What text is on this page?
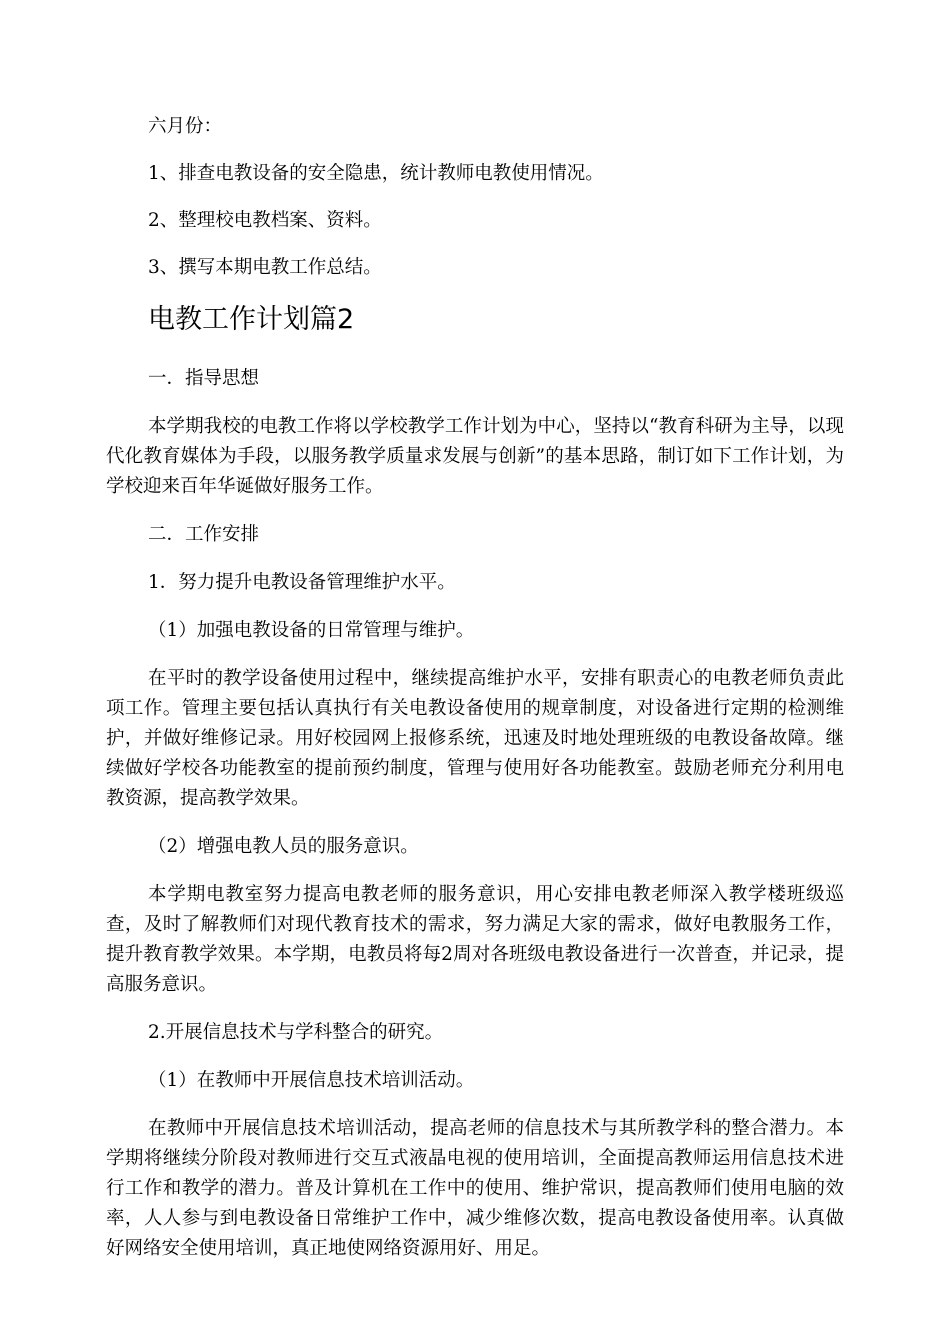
六月份：

1、排查电教设备的安全隐患，统计教师电教使用情况。

2、整理校电教档案、资料。

3、撰写本期电教工作总结。

电教工作计划篇2

一．指导思想

本学期我校的电教工作将以学校教学工作计划为中心，坚持以“教育科研为主导，以现代化教育媒体为手段，以服务教学质量求发展与创新”的基本思路，制订如下工作计划，为学校迎来百年华诞做好服务工作。

二．工作安排

1．努力提升电教设备管理维护水平。

（1）加强电教设备的日常管理与维护。

在平时的教学设备使用过程中，继续提高维护水平，安排有职责心的电教老师负责此项工作。管理主要包括认真执行有关电教设备使用的规章制度，对设备进行定期的检测维护，并做好维修记录。用好校园网上报修系统，迅速及时地处理班级的电教设备故障。继续做好学校各功能教室的提前预约制度，管理与使用好各功能教室。鼓励老师充分利用电教资源，提高教学效果。

（2）增强电教人员的服务意识。

本学期电教室努力提高电教老师的服务意识，用心安排电教老师深入教学楼班级巡查，及时了解教师们对现代教育技术的需求，努力满足大家的需求，做好电教服务工作，提升教育教学效果。本学期，电教员将每2周对各班级电教设备进行一次普查，并记录，提高服务意识。

2.开展信息技术与学科整合的研究。

（1）在教师中开展信息技术培训活动。

在教师中开展信息技术培训活动，提高老师的信息技术与其所教学科的整合潜力。本学期将继续分阶段对教师进行交互式液晶电视的使用培训，全面提高教师运用信息技术进行工作和教学的潜力。普及计算机在工作中的使用、维护常识，提高教师们使用电脑的效率，人人参与到电教设备日常维护工作中，减少维修次数，提高电教设备使用率。认真做好网络安全使用培训，真正地使网络资源用好、用足。
